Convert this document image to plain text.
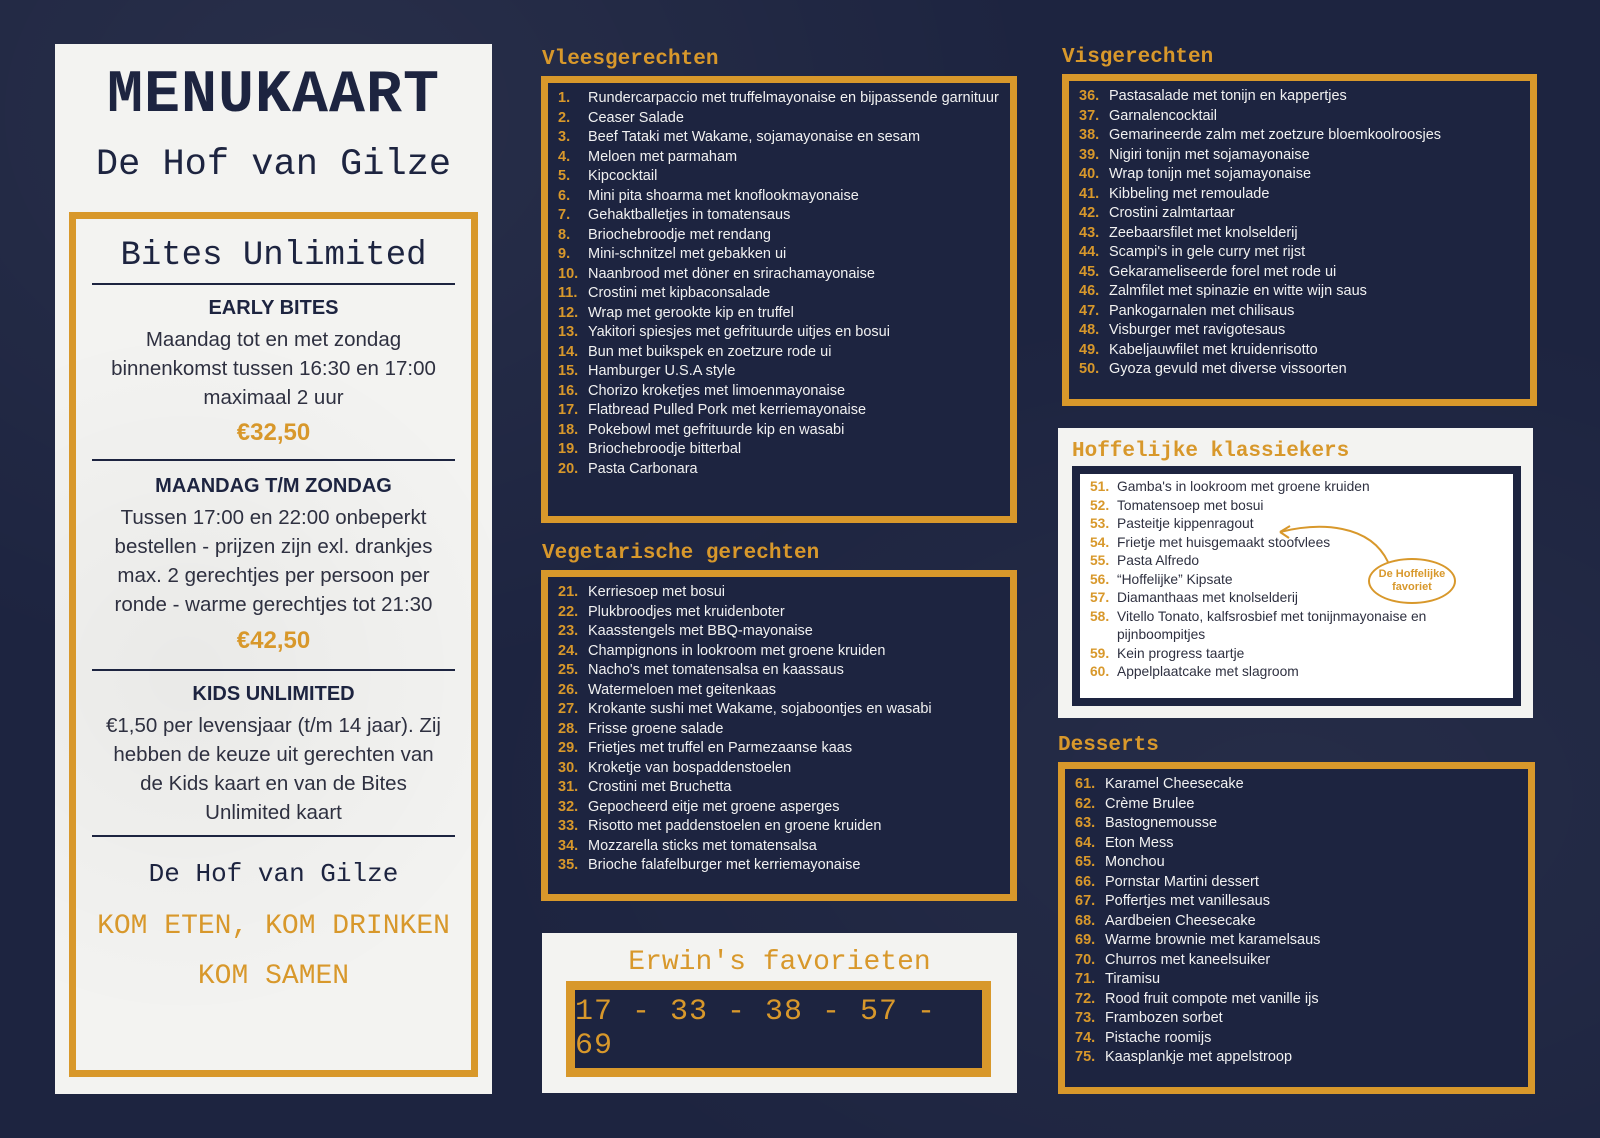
MENUKAART
De Hof van Gilze
Bites Unlimited
EARLY BITES
Maandag tot en met zondag
binnenkomst tussen 16:30 en 17:00
maximaal 2 uur
€32,50
MAANDAG T/M ZONDAG
Tussen 17:00 en 22:00 onbeperkt
bestellen - prijzen zijn exl. drankjes
max. 2 gerechtjes per persoon per
ronde - warme gerechtjes tot 21:30
€42,50
KIDS UNLIMITED
€1,50 per levensjaar (t/m 14 jaar). Zij
hebben de keuze uit gerechten van
de Kids kaart en van de Bites
Unlimited kaart
De Hof van Gilze
KOM ETEN, KOM DRINKEN
KOM SAMEN
Vleesgerechten
1.	Rundercarpaccio met truffelmayonaise en bijpassende garnituur
2.	Ceaser Salade
3.	Beef Tataki met Wakame, sojamayonaise en sesam
4.	Meloen met parmaham
5.	Kipcocktail
6.	Mini pita shoarma met knoflookmayonaise
7.	Gehaktballetjes in tomatensaus
8.	Briochebroodje met rendang
9.	Mini-schnitzel met gebakken ui
10. Naanbrood met döner en srirachamayonaise
11. Crostini met kipbaconsalade
12. Wrap met gerookte kip en truffel
13. Yakitori spiesjes met gefrituurde uitjes en bosui
14. Bun met buikspek en zoetzure rode ui
15. Hamburger U.S.A style
16. Chorizo kroketjes met limoenmayonaise
17. Flatbread Pulled Pork met kerriemayonaise
18. Pokebowl met gefrituurde kip en wasabi
19. Briochebroodje bitterbal
20. Pasta Carbonara
Vegetarische gerechten
21. Kerriesoep met bosui
22. Plukbroodjes met kruidenboter
23. Kaasstengels met BBQ-mayonaise
24. Champignons in lookroom met groene kruiden
25. Nacho's met tomatensalsa en kaassaus
26. Watermeloen met geitenkaas
27. Krokante sushi met Wakame, sojaboontjes en wasabi
28. Frisse groene salade
29. Frietjes met truffel en Parmezaanse kaas
30. Kroketje van bospaddenstoelen
31. Crostini met Bruchetta
32. Gepocheerd eitje met groene asperges
33. Risotto met paddenstoelen en groene kruiden
34. Mozzarella sticks met tomatensalsa
35. Brioche falafelburger met kerriemayonaise
Erwin's favorieten
17 - 33 - 38 - 57 - 69
Visgerechten
36. Pastasalade met tonijn en kappertjes
37. Garnalencocktail
38. Gemarineerde zalm met zoetzure bloemkoolroosjes
39. Nigiri tonijn met sojamayonaise
40. Wrap tonijn met sojamayonaise
41. Kibbeling met remoulade
42. Crostini zalmtartaar
43. Zeebaarsfilet met knolselderij
44. Scampi's in gele curry met rijst
45. Gekarameliseerde forel met rode ui
46. Zalmfilet met spinazie en witte wijn saus
47. Pankogarnalen met chilisaus
48. Visburger met ravigotesaus
49. Kabeljauwfilet met kruidenrisotto
50. Gyoza gevuld met diverse vissoorten
Hoffelijke klassiekers
51. Gamba's in lookroom met groene kruiden
52. Tomatensoep met bosui
53. Pasteitje kippenragout
54. Frietje met huisgemaakt stoofvlees
55. Pasta Alfredo
56. “Hoffelijke” Kipsate
57. Diamanthaas met knolselderij
58. Vitello Tonato, kalfsrosbief met tonijnmayonaise en pijnboompitjes
59. Kein progress taartje
60. Appelplaatcake met slagroom
De Hoffelijke
favoriet
Desserts
61. Karamel Cheesecake
62. Crème Brulee
63. Bastognemousse
64. Eton Mess
65. Monchou
66. Pornstar Martini dessert
67. Poffertjes met vanillesaus
68. Aardbeien Cheesecake
69. Warme brownie met karamelsaus
70. Churros met kaneelsuiker
71. Tiramisu
72. Rood fruit compote met vanille ijs
73. Frambozen sorbet
74. Pistache roomijs
75. Kaasplankje met appelstroop
